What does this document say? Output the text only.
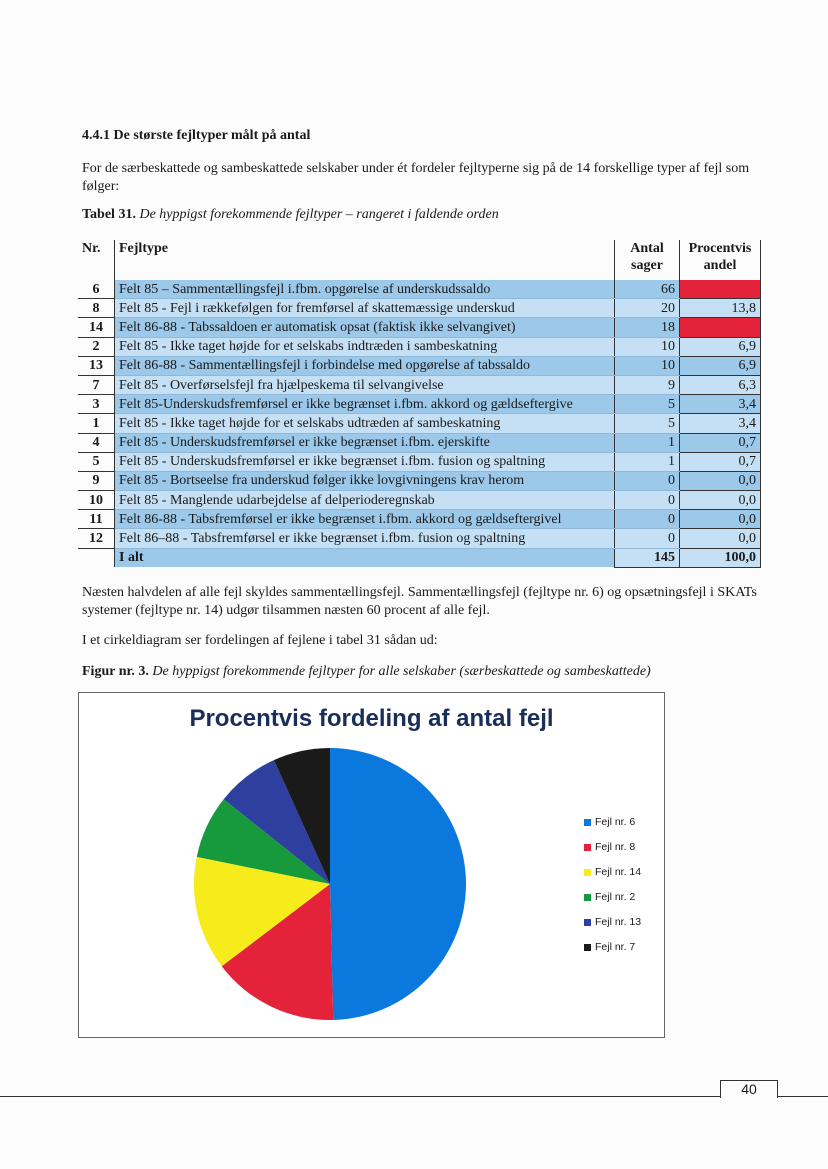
4.4.1 De største fejltyper målt på antal
For de særbeskattede og sambeskattede selskaber under ét fordeler fejltyperne sig på de 14 forskellige typer af fejl som følger:
Tabel 31. De hyppigst forekommende fejltyper – rangeret i faldende orden
Nr.	Fejltype	Antal sager	Procentvis andel
6	Felt 85 – Sammentællingsfejl i.fbm. opgørelse af underskudssaldo	66	45,5
8	Felt 85 - Fejl i rækkefølgen for fremførsel af skattemæssige underskud	20	13,8
14	Felt 86-88 - Tabssaldoen er automatisk opsat (faktisk ikke selvangivet)	18	12,4
2	Felt 85 - Ikke taget højde for et selskabs indtræden i sambeskatning	10	6,9
13	Felt 86-88 - Sammentællingsfejl i forbindelse med opgørelse af tabssaldo	10	6,9
7	Felt 85 - Overførselsfejl fra hjælpeskema til selvangivelse	9	6,3
3	Felt 85-Underskudsfremførsel er ikke begrænset i.fbm. akkord og gældseftergive	5	3,4
1	Felt 85 - Ikke taget højde for et selskabs udtræden af sambeskatning	5	3,4
4	Felt 85 - Underskudsfremførsel er ikke begrænset i.fbm. ejerskifte	1	0,7
5	Felt 85 - Underskudsfremførsel er ikke begrænset i.fbm. fusion og spaltning	1	0,7
9	Felt 85 - Bortseelse fra underskud følger ikke lovgivningens krav herom	0	0,0
10	Felt 85 - Manglende udarbejdelse af delperioderegnskab	0	0,0
11	Felt 86-88 - Tabsfremførsel er ikke begrænset i.fbm. akkord og gældseftergivel	0	0,0
12	Felt 86–88 - Tabsfremførsel er ikke begrænset i.fbm. fusion og spaltning	0	0,0
	I alt	145	100,0
Næsten halvdelen af alle fejl skyldes sammentællingsfejl. Sammentællingsfejl (fejltype nr. 6) og opsætningsfejl i SKATs systemer (fejltype nr. 14) udgør tilsammen næsten 60 procent af alle fejl.
I et cirkeldiagram ser fordelingen af fejlene i tabel 31 sådan ud:
Figur nr. 3. De hyppigst forekommende fejltyper for alle selskaber (særbeskattede og sambeskattede)
Procentvis fordeling af antal fejl
Fejl nr. 6
Fejl nr. 8
Fejl nr. 14
Fejl nr. 2
Fejl nr. 13
Fejl nr. 7
40
